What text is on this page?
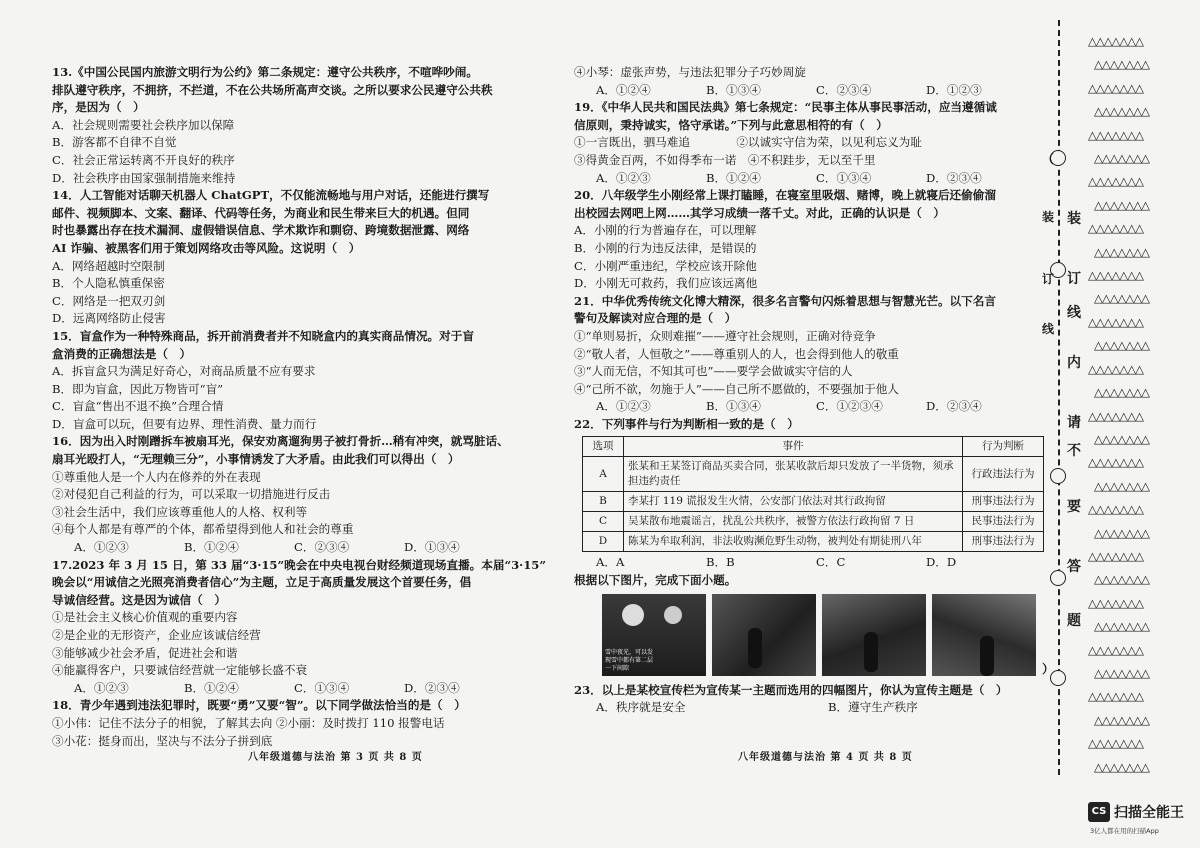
13.《中国公民国内旅游文明行为公约》第二条规定：遵守公共秩序，不喧哗吵闹。

排队遵守秩序，不拥挤，不拦道，不在公共场所高声交谈。之所以要求公民遵守公共秩

序，是因为（　）

A．社会规则需要社会秩序加以保障

B．游客都不自律不自觉

C．社会正常运转离不开良好的秩序

D．社会秩序由国家强制措施来维持

14．人工智能对话聊天机器人 ChatGPT，不仅能流畅地与用户对话，还能进行撰写

邮件、视频脚本、文案、翻译、代码等任务，为商业和民生带来巨大的机遇。但同

时也暴露出存在技术漏洞、虚假错误信息、学术欺诈和剽窃、跨境数据泄露、网络

AI 诈骗、被黑客们用于策划网络攻击等风险。这说明（　）

A．网络超越时空限制

B．个人隐私慎重保密

C．网络是一把双刃剑

D．远离网络防止侵害

15．盲盒作为一种特殊商品，拆开前消费者并不知晓盒内的真实商品情况。对于盲

盒消费的正确想法是（　）

A．拆盲盒只为满足好奇心，对商品质量不应有要求

B．即为盲盒，因此万物皆可“盲”

C．盲盒“售出不退不换”合理合情

D．盲盒可以玩，但要有边界、理性消费、量力而行

16．因为出入时刚蹭拆车被扇耳光，保安劝离遛狗男子被打骨折…稍有冲突，就骂脏话、

扇耳光殴打人，“无理赖三分”，小事情诱发了大矛盾。由此我们可以得出（　）

①尊重他人是一个人内在修养的外在表现

②对侵犯自己利益的行为，可以采取一切措施进行反击

③社会生活中，我们应该尊重他人的人格、权利等

④每个人都是有尊严的个体，都希望得到他人和社会的尊重

A．①②③	B．①②④	C．②③④	D．①③④

17.2023 年 3 月 15 日，第 33 届“3·15”晚会在中央电视台财经频道现场直播。本届“3·15”

晚会以“用诚信之光照亮消费者信心”为主题，立足于高质量发展这个首要任务，倡

导诚信经营。这是因为诚信（　）

①是社会主义核心价值观的重要内容

②是企业的无形资产，企业应该诚信经营

③能够减少社会矛盾，促进社会和谐

④能赢得客户，只要诚信经营就一定能够长盛不衰

A．①②③	B．①②④	C．①③④	D．②③④

18．青少年遇到违法犯罪时，既要“勇”又要“智”。以下同学做法恰当的是（　）

①小伟：记住不法分子的相貌，了解其去向 ②小丽：及时拨打 110 报警电话

③小花：挺身而出，坚决与不法分子拼到底

八年级道德与法治 第 3 页 共 8 页

④小琴：虚张声势，与违法犯罪分子巧妙周旋

A．①②④	B．①③④	C．②③④	D．①②③

19．《中华人民共和国民法典》第七条规定：“民事主体从事民事活动，应当遵循诚

信原则，秉持诚实，恪守承诺。”下列与此意思相符的有（　）

①一言既出，驷马难追　　　　②以诚实守信为荣，以见利忘义为耻

③得黄金百两，不如得季布一诺　④不积跬步，无以至千里

A．①②③	B．①②④	C．①③④	D．②③④

20．八年级学生小刚经常上课打瞌睡，在寝室里吸烟、赌博，晚上就寝后还偷偷溜

出校园去网吧上网……其学习成绩一落千丈。对此，正确的认识是（　）

A．小刚的行为普遍存在，可以理解

B．小刚的行为违反法律，是错误的

C．小刚严重违纪，学校应该开除他

D．小刚无可救药，我们应该远离他

21．中华优秀传统文化博大精深，很多名言警句闪烁着思想与智慧光芒。以下名言

警句及解读对应合理的是（　）

①“单则易折，众则难摧”——遵守社会规则，正确对待竞争

②“敬人者，人恒敬之”——尊重别人的人，也会得到他人的敬重

③“人而无信，不知其可也”——要学会做诚实守信的人

④“己所不欲，勿施于人”——自己所不愿做的，不要强加于他人

A．①②③	B．①③④	C．①②③④	D．②③④

22．下列事件与行为判断相一致的是（　）

选项	事件	行为判断
A	张某和王某签订商品买卖合同，张某收款后却只发放了一半货物，须承担违约责任	行政违法行为
B	李某打 119 谎报发生火情，公安部门依法对其行政拘留	刑事违法行为
C	吴某散布地震谣言，扰乱公共秩序，被警方依法行政拘留 7 日	民事违法行为
D	陈某为牟取利润，非法收购濒危野生动物，被判处有期徒刑八年	刑事违法行为
A．A	B．B	C．C	D．D

根据以下图片，完成下面小题。

雪中夜光，可以发现雪中都有第二层一下间隙

23．以上是某校宣传栏为宣传某一主题而选用的四幅图片，你认为宣传主题是（　）

A．秩序就是安全	B．遵守生产秩序
八年级道德与法治 第 4 页 共 8 页
△△△△△△△
△△△△△△△
△△△△△△△
△△△△△△△
△△△△△△△
△△△△△△△
△△△△△△△
△△△△△△△
△△△△△△△
△△△△△△△
△△△△△△△
△△△△△△△
△△△△△△△
△△△△△△△
△△△△△△△
△△△△△△△
△△△△△△△
△△△△△△△
△△△△△△△
△△△△△△△
△△△△△△△
△△△△△△△
△△△△△△△
△△△△△△△
△△△△△△△
△△△△△△△
△△△△△△△
△△△△△△△
△△△△△△△
△△△△△△△
△△△△△△△
△△△△△△△
CS 扫描全能王
3亿人都在用的扫描App
装
订
线
内
请
不
要
答
题
（
装
订
线
）
